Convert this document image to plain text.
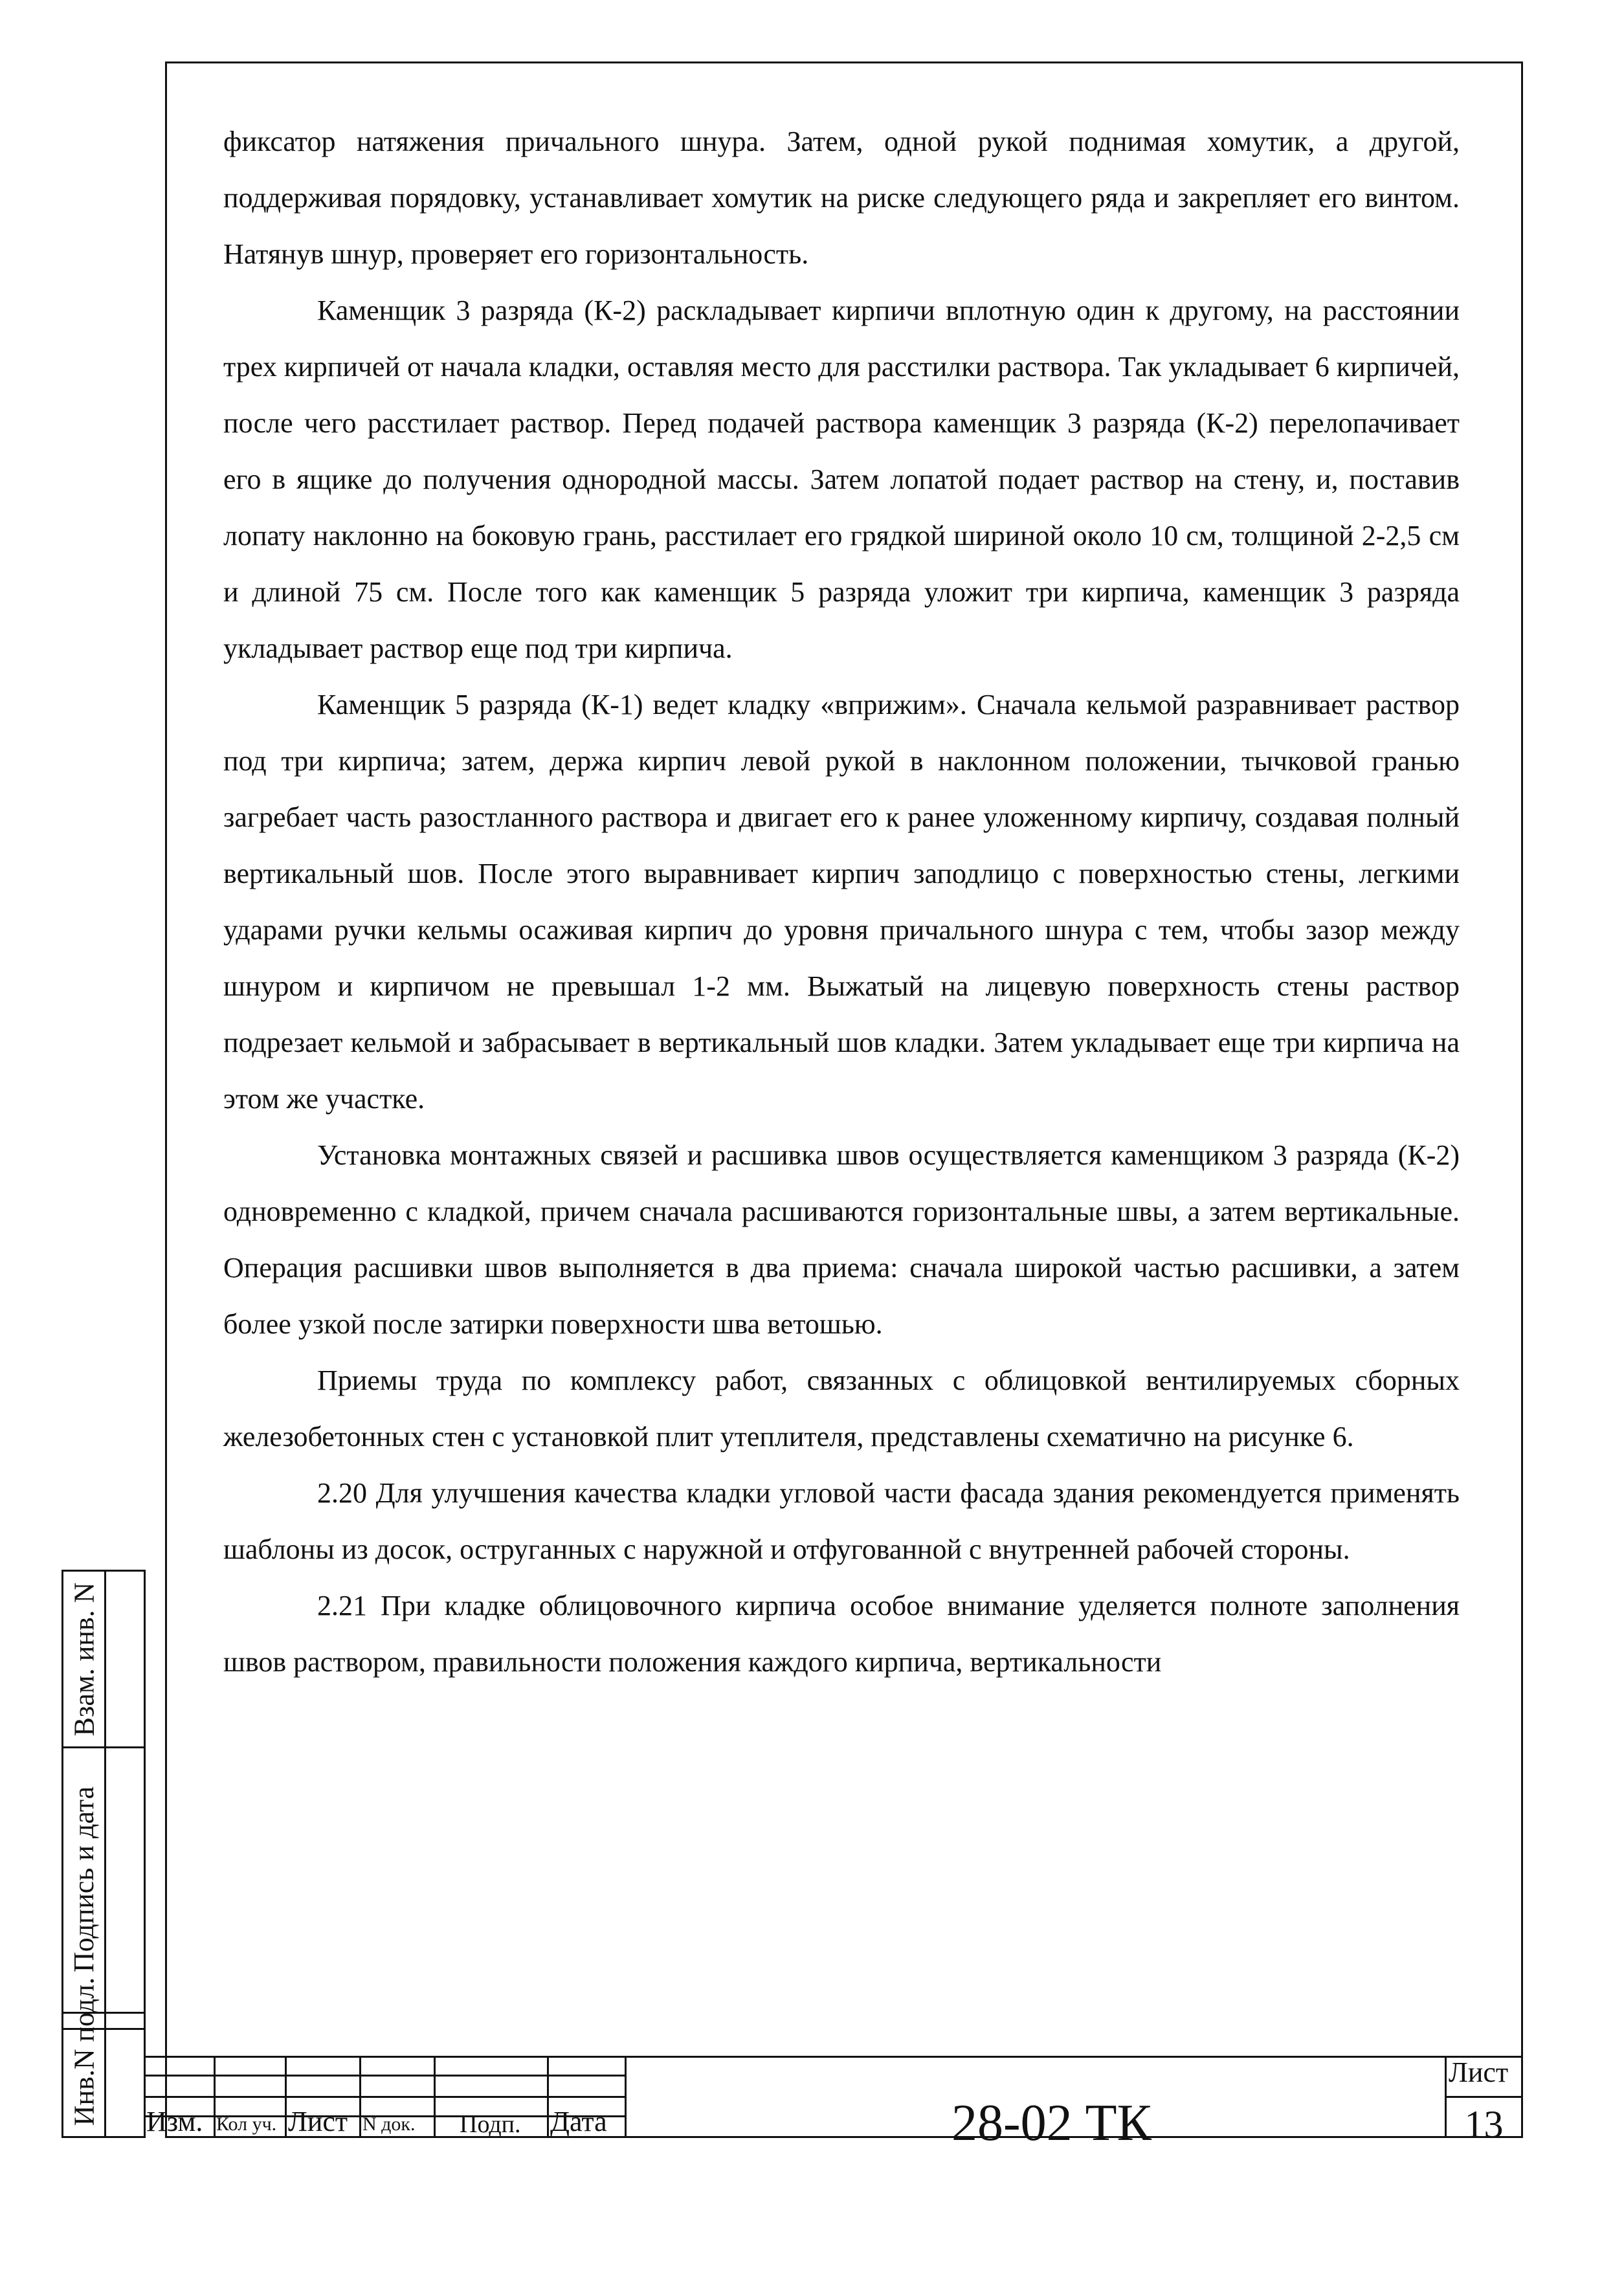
фиксатор натяжения причального шнура. Затем, одной рукой поднимая хомутик, а другой, поддерживая порядовку, устанавливает хомутик на риске следующего ряда и закрепляет его винтом. Натянув шнур, проверяет его горизонтальность.

Каменщик 3 разряда (К-2) раскладывает кирпичи вплотную один к другому, на расстоянии трех кирпичей от начала кладки, оставляя место для расстилки раствора. Так укладывает 6 кирпичей, после чего расстилает раствор. Перед подачей раствора каменщик 3 разряда (К-2) перелопачивает его в ящике до получения однородной массы. Затем лопатой подает раствор на стену, и, поставив лопату наклонно на боковую грань, расстилает его грядкой шириной около 10 см, толщиной 2-2,5 см и длиной 75 см. После того как каменщик 5 разряда уложит три кирпича, каменщик 3 разряда укладывает раствор еще под три кирпича.

Каменщик 5 разряда (К-1) ведет кладку «вприжим». Сначала кельмой разравнивает раствор под три кирпича; затем, держа кирпич левой рукой в наклонном положении, тычковой гранью загребает часть разостланного раствора и двигает его к ранее уложенному кирпичу, создавая полный вертикальный шов. После этого выравнивает кирпич заподлицо с поверхностью стены, легкими ударами ручки кельмы осаживая кирпич до уровня причального шнура с тем, чтобы зазор между шнуром и кирпичом не превышал 1-2 мм. Выжатый на лицевую поверхность стены раствор подрезает кельмой и забрасывает в вертикальный шов кладки. Затем укладывает еще три кирпича на этом же участке.

Установка монтажных связей и расшивка швов осуществляется каменщиком 3 разряда (К-2) одновременно с кладкой, причем сначала расшиваются горизонтальные швы, а затем вертикальные. Операция расшивки швов выполняется в два приема: сначала широкой частью расшивки, а затем более узкой после затирки поверхности шва ветошью.

Приемы труда по комплексу работ, связанных с облицовкой вентилируемых сборных железобетонных стен с установкой плит утеплителя, представлены схематично на рисунке 6.

2.20 Для улучшения качества кладки угловой части фасада здания рекомендуется применять шаблоны из досок, оструганных с наружной и отфугованной с внутренней рабочей стороны.

2.21 При кладке облицовочного кирпича особое внимание уделяется полноте заполнения швов раствором, правильности положения каждого кирпича, вертикальности

Взам. инв. N
Подпись и дата
Инв.N подл. Изм. Кол уч. Лист N док. Подп. Дата	28-02 ТК
Лист
13
